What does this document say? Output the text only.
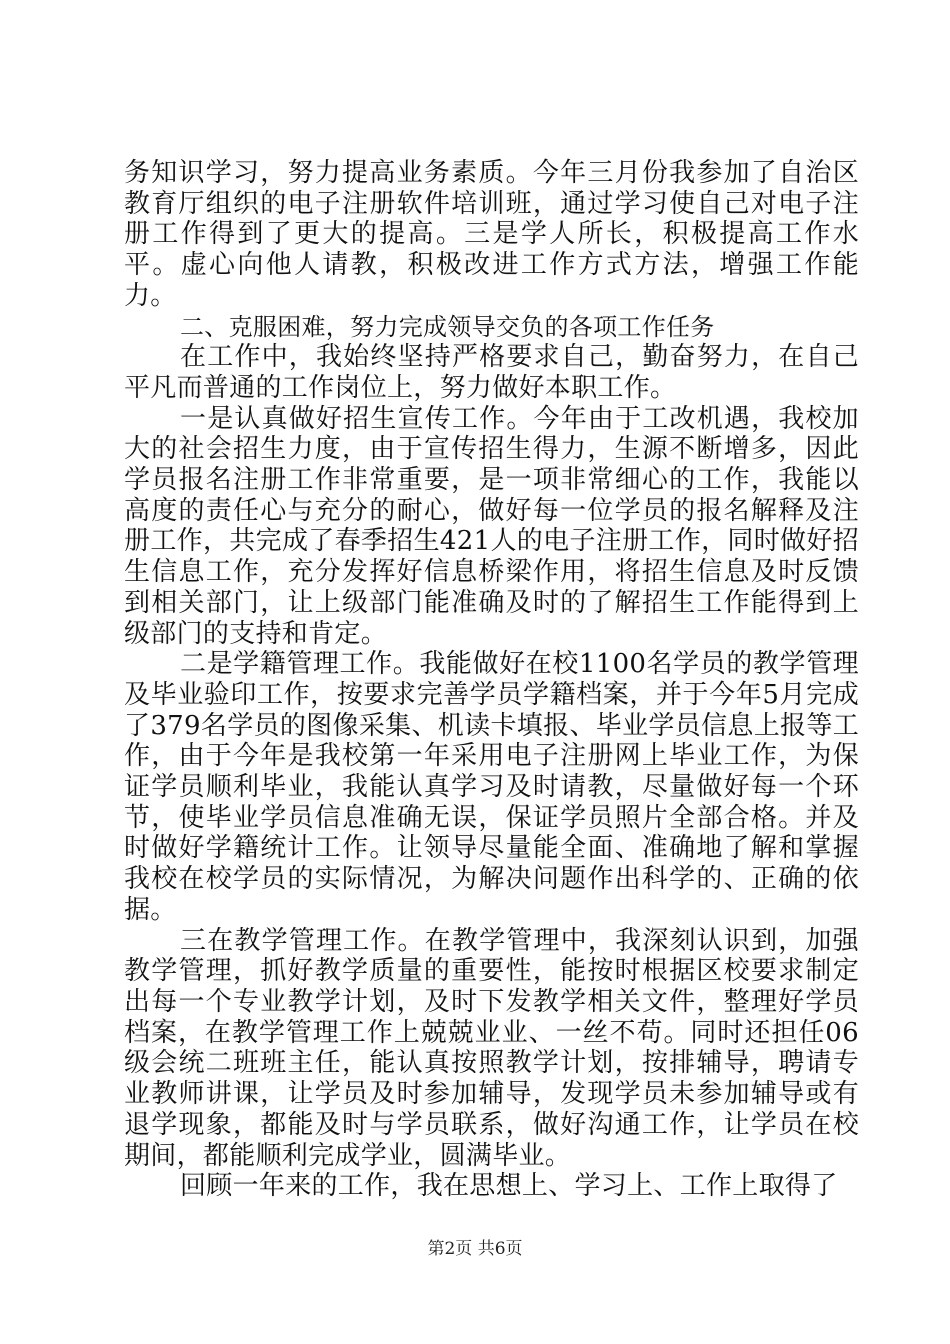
务知识学习，努力提高业务素质。今年三月份我参加了自治区教育厅组织的电子注册软件培训班，通过学习使自己对电子注册工作得到了更大的提高。三是学人所长，积极提高工作水平。虚心向他人请教，积极改进工作方式方法，增强工作能力。

二、克服困难，努力完成领导交负的各项工作任务

在工作中，我始终坚持严格要求自己，勤奋努力，在自己平凡而普通的工作岗位上，努力做好本职工作。

一是认真做好招生宣传工作。今年由于工改机遇，我校加大的社会招生力度，由于宣传招生得力，生源不断增多，因此学员报名注册工作非常重要，是一项非常细心的工作，我能以高度的责任心与充分的耐心，做好每一位学员的报名解释及注册工作，共完成了春季招生421人的电子注册工作，同时做好招生信息工作，充分发挥好信息桥梁作用，将招生信息及时反馈到相关部门，让上级部门能准确及时的了解招生工作能得到上级部门的支持和肯定。

二是学籍管理工作。我能做好在校1100名学员的教学管理及毕业验印工作，按要求完善学员学籍档案，并于今年5月完成了379名学员的图像采集、机读卡填报、毕业学员信息上报等工作，由于今年是我校第一年采用电子注册网上毕业工作，为保证学员顺利毕业，我能认真学习及时请教，尽量做好每一个环节，使毕业学员信息准确无误，保证学员照片全部合格。并及时做好学籍统计工作。让领导尽量能全面、准确地了解和掌握我校在校学员的实际情况，为解决问题作出科学的、正确的依据。

三在教学管理工作。在教学管理中，我深刻认识到，加强教学管理，抓好教学质量的重要性，能按时根据区校要求制定出每一个专业教学计划，及时下发教学相关文件，整理好学员档案，在教学管理工作上兢兢业业、一丝不苟。同时还担任06级会统二班班主任，能认真按照教学计划，按排辅导，聘请专业教师讲课，让学员及时参加辅导，发现学员未参加辅导或有退学现象，都能及时与学员联系，做好沟通工作，让学员在校期间，都能顺利完成学业，圆满毕业。

回顾一年来的工作，我在思想上、学习上、工作上取得了

第2页 共6页
